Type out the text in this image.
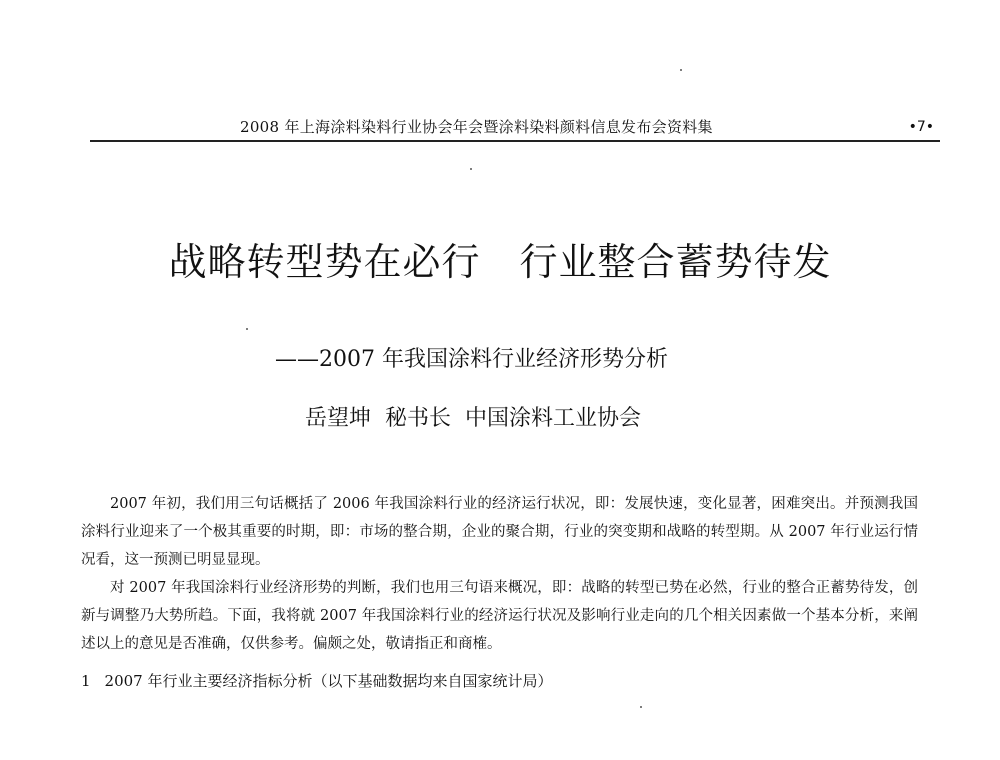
2008 年上海涂料染料行业协会年会暨涂料染料颜料信息发布会资料集	•7•
战略转型势在必行　行业整合蓄势待发
——2007 年我国涂料行业经济形势分析
岳望坤 秘书长 中国涂料工业协会

2007 年初，我们用三句话概括了 2006 年我国涂料行业的经济运行状况，即：发展快速，变化显著，困难突出。并预测我国涂料行业迎来了一个极其重要的时期，即：市场的整合期，企业的聚合期，行业的突变期和战略的转型期。从 2007 年行业运行情况看，这一预测已明显显现。

对 2007 年我国涂料行业经济形势的判断，我们也用三句语来概况，即：战略的转型已势在必然，行业的整合正蓄势待发，创新与调整乃大势所趋。下面，我将就 2007 年我国涂料行业的经济运行状况及影响行业走向的几个相关因素做一个基本分析，来阐述以上的意见是否准确，仅供参考。偏颇之处，敬请指正和商榷。

1 2007 年行业主要经济指标分析（以下基础数据均来自国家统计局）
